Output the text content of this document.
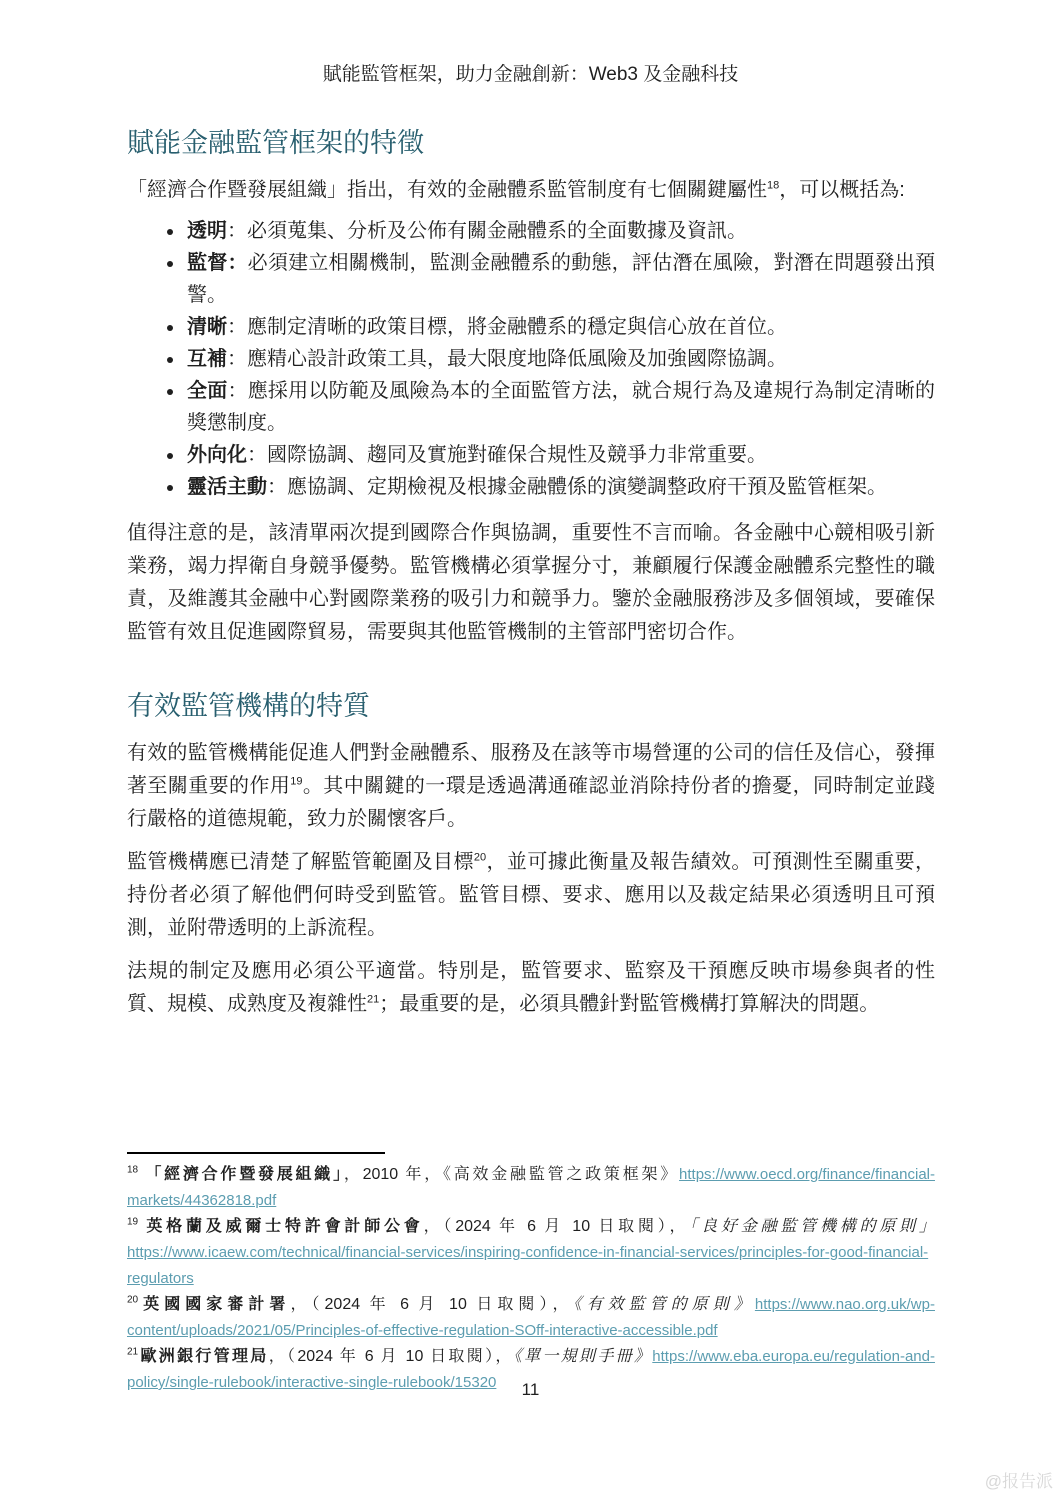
賦能監管框架，助力金融創新：Web3 及金融科技
賦能金融監管框架的特徵

「經濟合作暨發展組織」指出，有效的金融體系監管制度有七個關鍵屬性$^{18}$，可以概括為:

• 透明：必須蒐集、分析及公佈有關金融體系的全面數據及資訊。
• 監督：必須建立相關機制，監測金融體系的動態，評估潛在風險，對潛在問題發出預警。
• 清晰：應制定清晰的政策目標，將金融體系的穩定與信心放在首位。
• 互補：應精心設計政策工具，最大限度地降低風險及加強國際協調。
• 全面：應採用以防範及風險為本的全面監管方法，就合規行為及違規行為制定清晰的獎懲制度。
• 外向化：國際協調、趨同及實施對確保合規性及競爭力非常重要。
• 靈活主動：應協調、定期檢視及根據金融體係的演變調整政府干預及監管框架。

值得注意的是，該清單兩次提到國際合作與協調，重要性不言而喻。各金融中心競相吸引新業務，竭力捍衛自身競爭優勢。監管機構必須掌握分寸，兼顧履行保護金融體系完整性的職責，及維護其金融中心對國際業務的吸引力和競爭力。鑒於金融服務涉及多個領域，要確保監管有效且促進國際貿易，需要與其他監管機制的主管部門密切合作。

有效監管機構的特質

有效的監管機構能促進人們對金融體系、服務及在該等市場營運的公司的信任及信心，發揮著至關重要的作用$^{19}$。其中關鍵的一環是透過溝通確認並消除持份者的擔憂，同時制定並踐行嚴格的道德規範，致力於關懷客戶。

監管機構應已清楚了解監管範圍及目標$^{20}$，並可據此衡量及報告績效。可預測性至關重要，持份者必須了解他們何時受到監管。監管目標、要求、應用以及裁定結果必須透明且可預測，並附帶透明的上訴流程。

法規的制定及應用必須公平適當。特別是，監管要求、監察及干預應反映市場參與者的性質、規模、成熟度及複雜性$^{21}$；最重要的是，必須具體針對監管機構打算解決的問題。

$^{18}$ 「經濟合作暨發展組織」，2010 年，《高效金融監管之政策框架》https://www.oecd.org/finance/financial-markets/44362818.pdf

$^{19}$ 英格蘭及威爾士特許會計師公會，（2024 年 6 月 10 日取閱），「良好金融監管機構的原則」https://www.icaew.com/technical/financial-services/inspiring-confidence-in-financial-services/principles-for-good-financial-regulators

$^{20}$英國國家審計署，（2024 年 6 月 10 日取閱），《有效監管的原則》https://www.nao.org.uk/wp-content/uploads/2021/05/Principles-of-effective-regulation-SOff-interactive-accessible.pdf

$^{21}$歐洲銀行管理局，（2024 年 6 月 10 日取閱），《單一規則手冊》https://www.eba.europa.eu/regulation-and-policy/single-rulebook/interactive-single-rulebook/15320	11
@报告派
